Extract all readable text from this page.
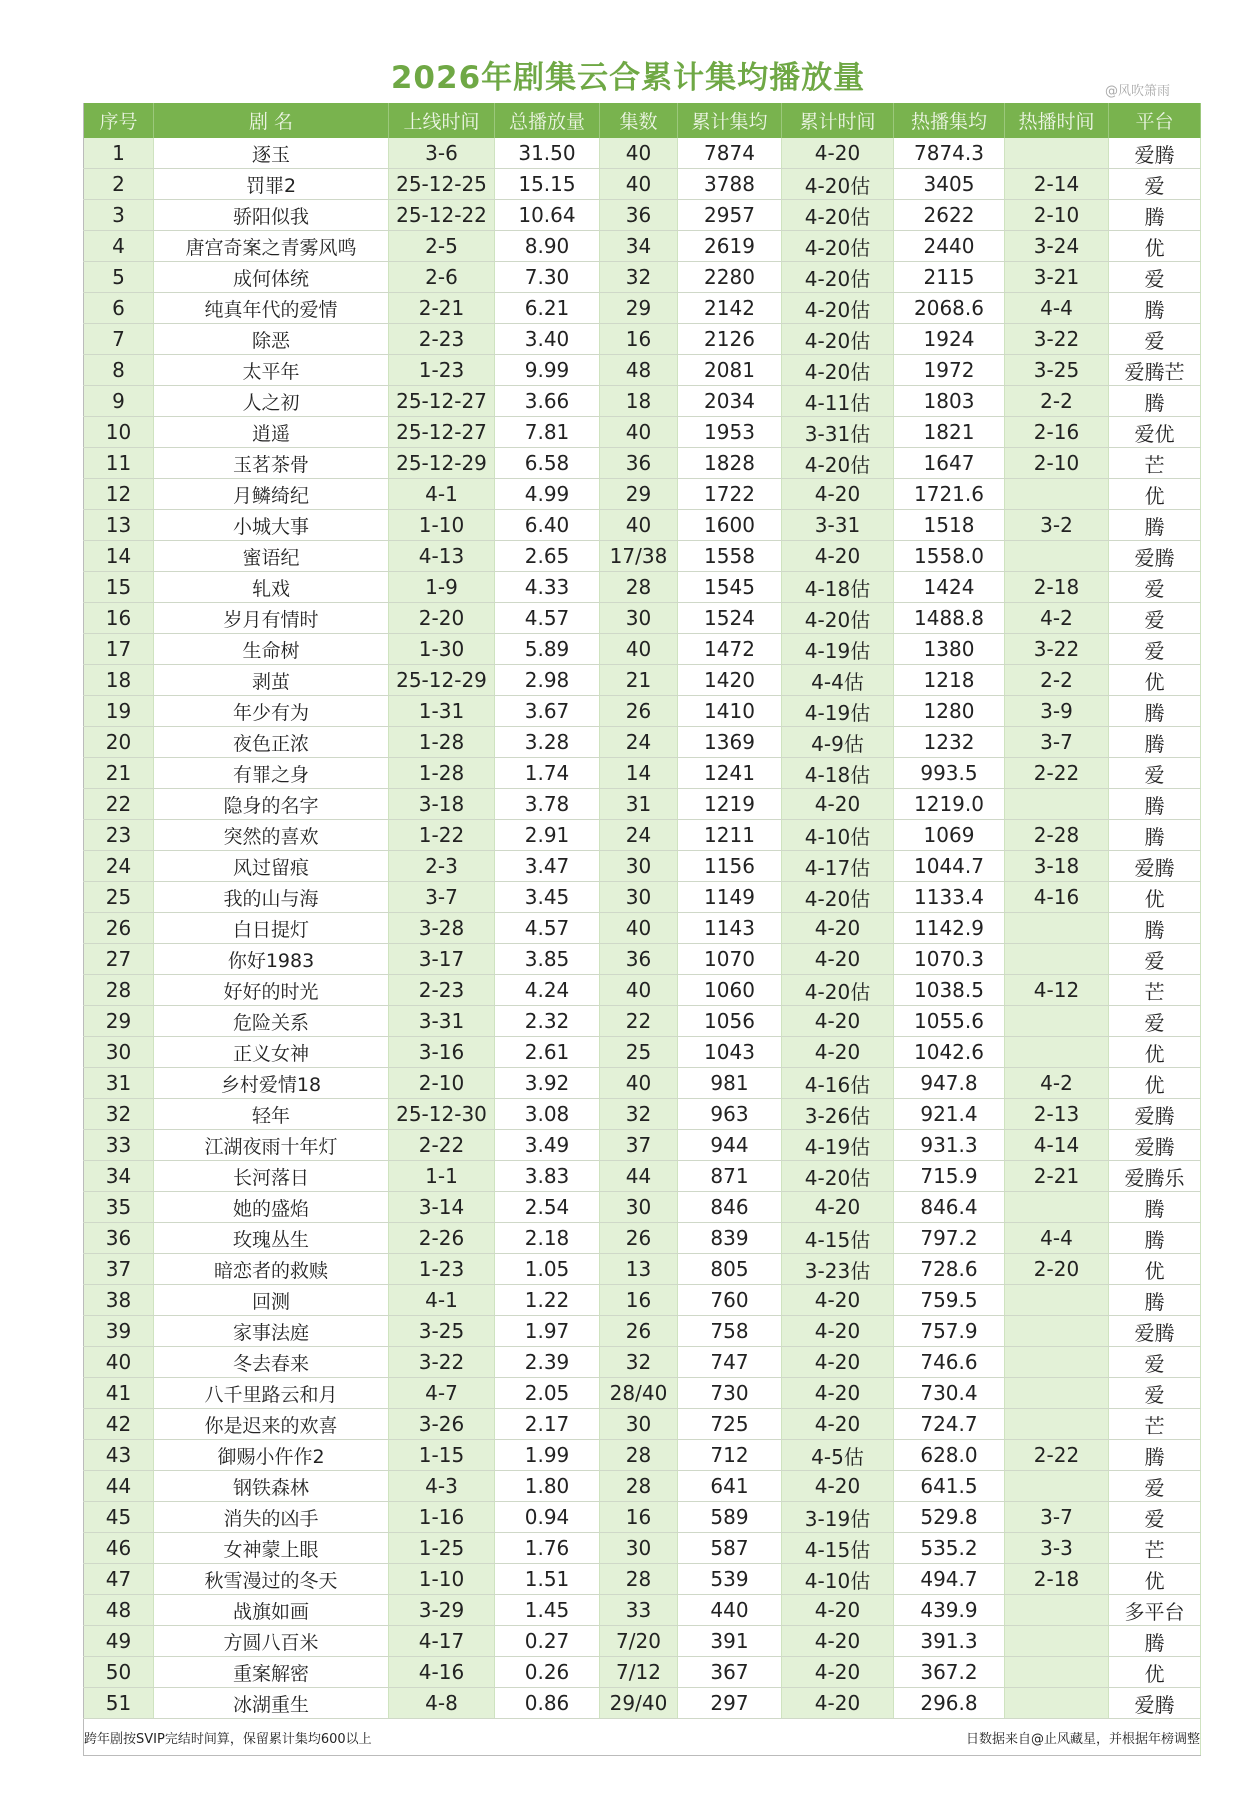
2026年剧集云合累计集均播放量	@风吹箫雨
序号	剧 名	上线时间	总播放量	集数	累计集均	累计时间	热播集均	热播时间	平台
1	逐玉	3-6	31.50	40	7874	4-20	7874.3		爱腾
2	罚罪2	25-12-25	15.15	40	3788	4-20估	3405	2-14	爱
3	骄阳似我	25-12-22	10.64	36	2957	4-20估	2622	2-10	腾
4	唐宫奇案之青雾风鸣	2-5	8.90	34	2619	4-20估	2440	3-24	优
5	成何体统	2-6	7.30	32	2280	4-20估	2115	3-21	爱
6	纯真年代的爱情	2-21	6.21	29	2142	4-20估	2068.6	4-4	腾
7	除恶	2-23	3.40	16	2126	4-20估	1924	3-22	爱
8	太平年	1-23	9.99	48	2081	4-20估	1972	3-25	爱腾芒
9	人之初	25-12-27	3.66	18	2034	4-11估	1803	2-2	腾
10	逍遥	25-12-27	7.81	40	1953	3-31估	1821	2-16	爱优
11	玉茗茶骨	25-12-29	6.58	36	1828	4-20估	1647	2-10	芒
12	月鳞绮纪	4-1	4.99	29	1722	4-20	1721.6		优
13	小城大事	1-10	6.40	40	1600	3-31	1518	3-2	腾
14	蜜语纪	4-13	2.65	17/38	1558	4-20	1558.0		爱腾
15	轧戏	1-9	4.33	28	1545	4-18估	1424	2-18	爱
16	岁月有情时	2-20	4.57	30	1524	4-20估	1488.8	4-2	爱
17	生命树	1-30	5.89	40	1472	4-19估	1380	3-22	爱
18	剥茧	25-12-29	2.98	21	1420	4-4估	1218	2-2	优
19	年少有为	1-31	3.67	26	1410	4-19估	1280	3-9	腾
20	夜色正浓	1-28	3.28	24	1369	4-9估	1232	3-7	腾
21	有罪之身	1-28	1.74	14	1241	4-18估	993.5	2-22	爱
22	隐身的名字	3-18	3.78	31	1219	4-20	1219.0		腾
23	突然的喜欢	1-22	2.91	24	1211	4-10估	1069	2-28	腾
24	风过留痕	2-3	3.47	30	1156	4-17估	1044.7	3-18	爱腾
25	我的山与海	3-7	3.45	30	1149	4-20估	1133.4	4-16	优
26	白日提灯	3-28	4.57	40	1143	4-20	1142.9		腾
27	你好1983	3-17	3.85	36	1070	4-20	1070.3		爱
28	好好的时光	2-23	4.24	40	1060	4-20估	1038.5	4-12	芒
29	危险关系	3-31	2.32	22	1056	4-20	1055.6		爱
30	正义女神	3-16	2.61	25	1043	4-20	1042.6		优
31	乡村爱情18	2-10	3.92	40	981	4-16估	947.8	4-2	优
32	轻年	25-12-30	3.08	32	963	3-26估	921.4	2-13	爱腾
33	江湖夜雨十年灯	2-22	3.49	37	944	4-19估	931.3	4-14	爱腾
34	长河落日	1-1	3.83	44	871	4-20估	715.9	2-21	爱腾乐
35	她的盛焰	3-14	2.54	30	846	4-20	846.4		腾
36	玫瑰丛生	2-26	2.18	26	839	4-15估	797.2	4-4	腾
37	暗恋者的救赎	1-23	1.05	13	805	3-23估	728.6	2-20	优
38	回测	4-1	1.22	16	760	4-20	759.5		腾
39	家事法庭	3-25	1.97	26	758	4-20	757.9		爱腾
40	冬去春来	3-22	2.39	32	747	4-20	746.6		爱
41	八千里路云和月	4-7	2.05	28/40	730	4-20	730.4		爱
42	你是迟来的欢喜	3-26	2.17	30	725	4-20	724.7		芒
43	御赐小仵作2	1-15	1.99	28	712	4-5估	628.0	2-22	腾
44	钢铁森林	4-3	1.80	28	641	4-20	641.5		爱
45	消失的凶手	1-16	0.94	16	589	3-19估	529.8	3-7	爱
46	女神蒙上眼	1-25	1.76	30	587	4-15估	535.2	3-3	芒
47	秋雪漫过的冬天	1-10	1.51	28	539	4-10估	494.7	2-18	优
48	战旗如画	3-29	1.45	33	440	4-20	439.9		多平台
49	方圆八百米	4-17	0.27	7/20	391	4-20	391.3		腾
50	重案解密	4-16	0.26	7/12	367	4-20	367.2		优
51	冰湖重生	4-8	0.86	29/40	297	4-20	296.8		爱腾
跨年剧按SVIP完结时间算，保留累计集均600以上 日数据来自@止风藏星，并根据年榜调整									
